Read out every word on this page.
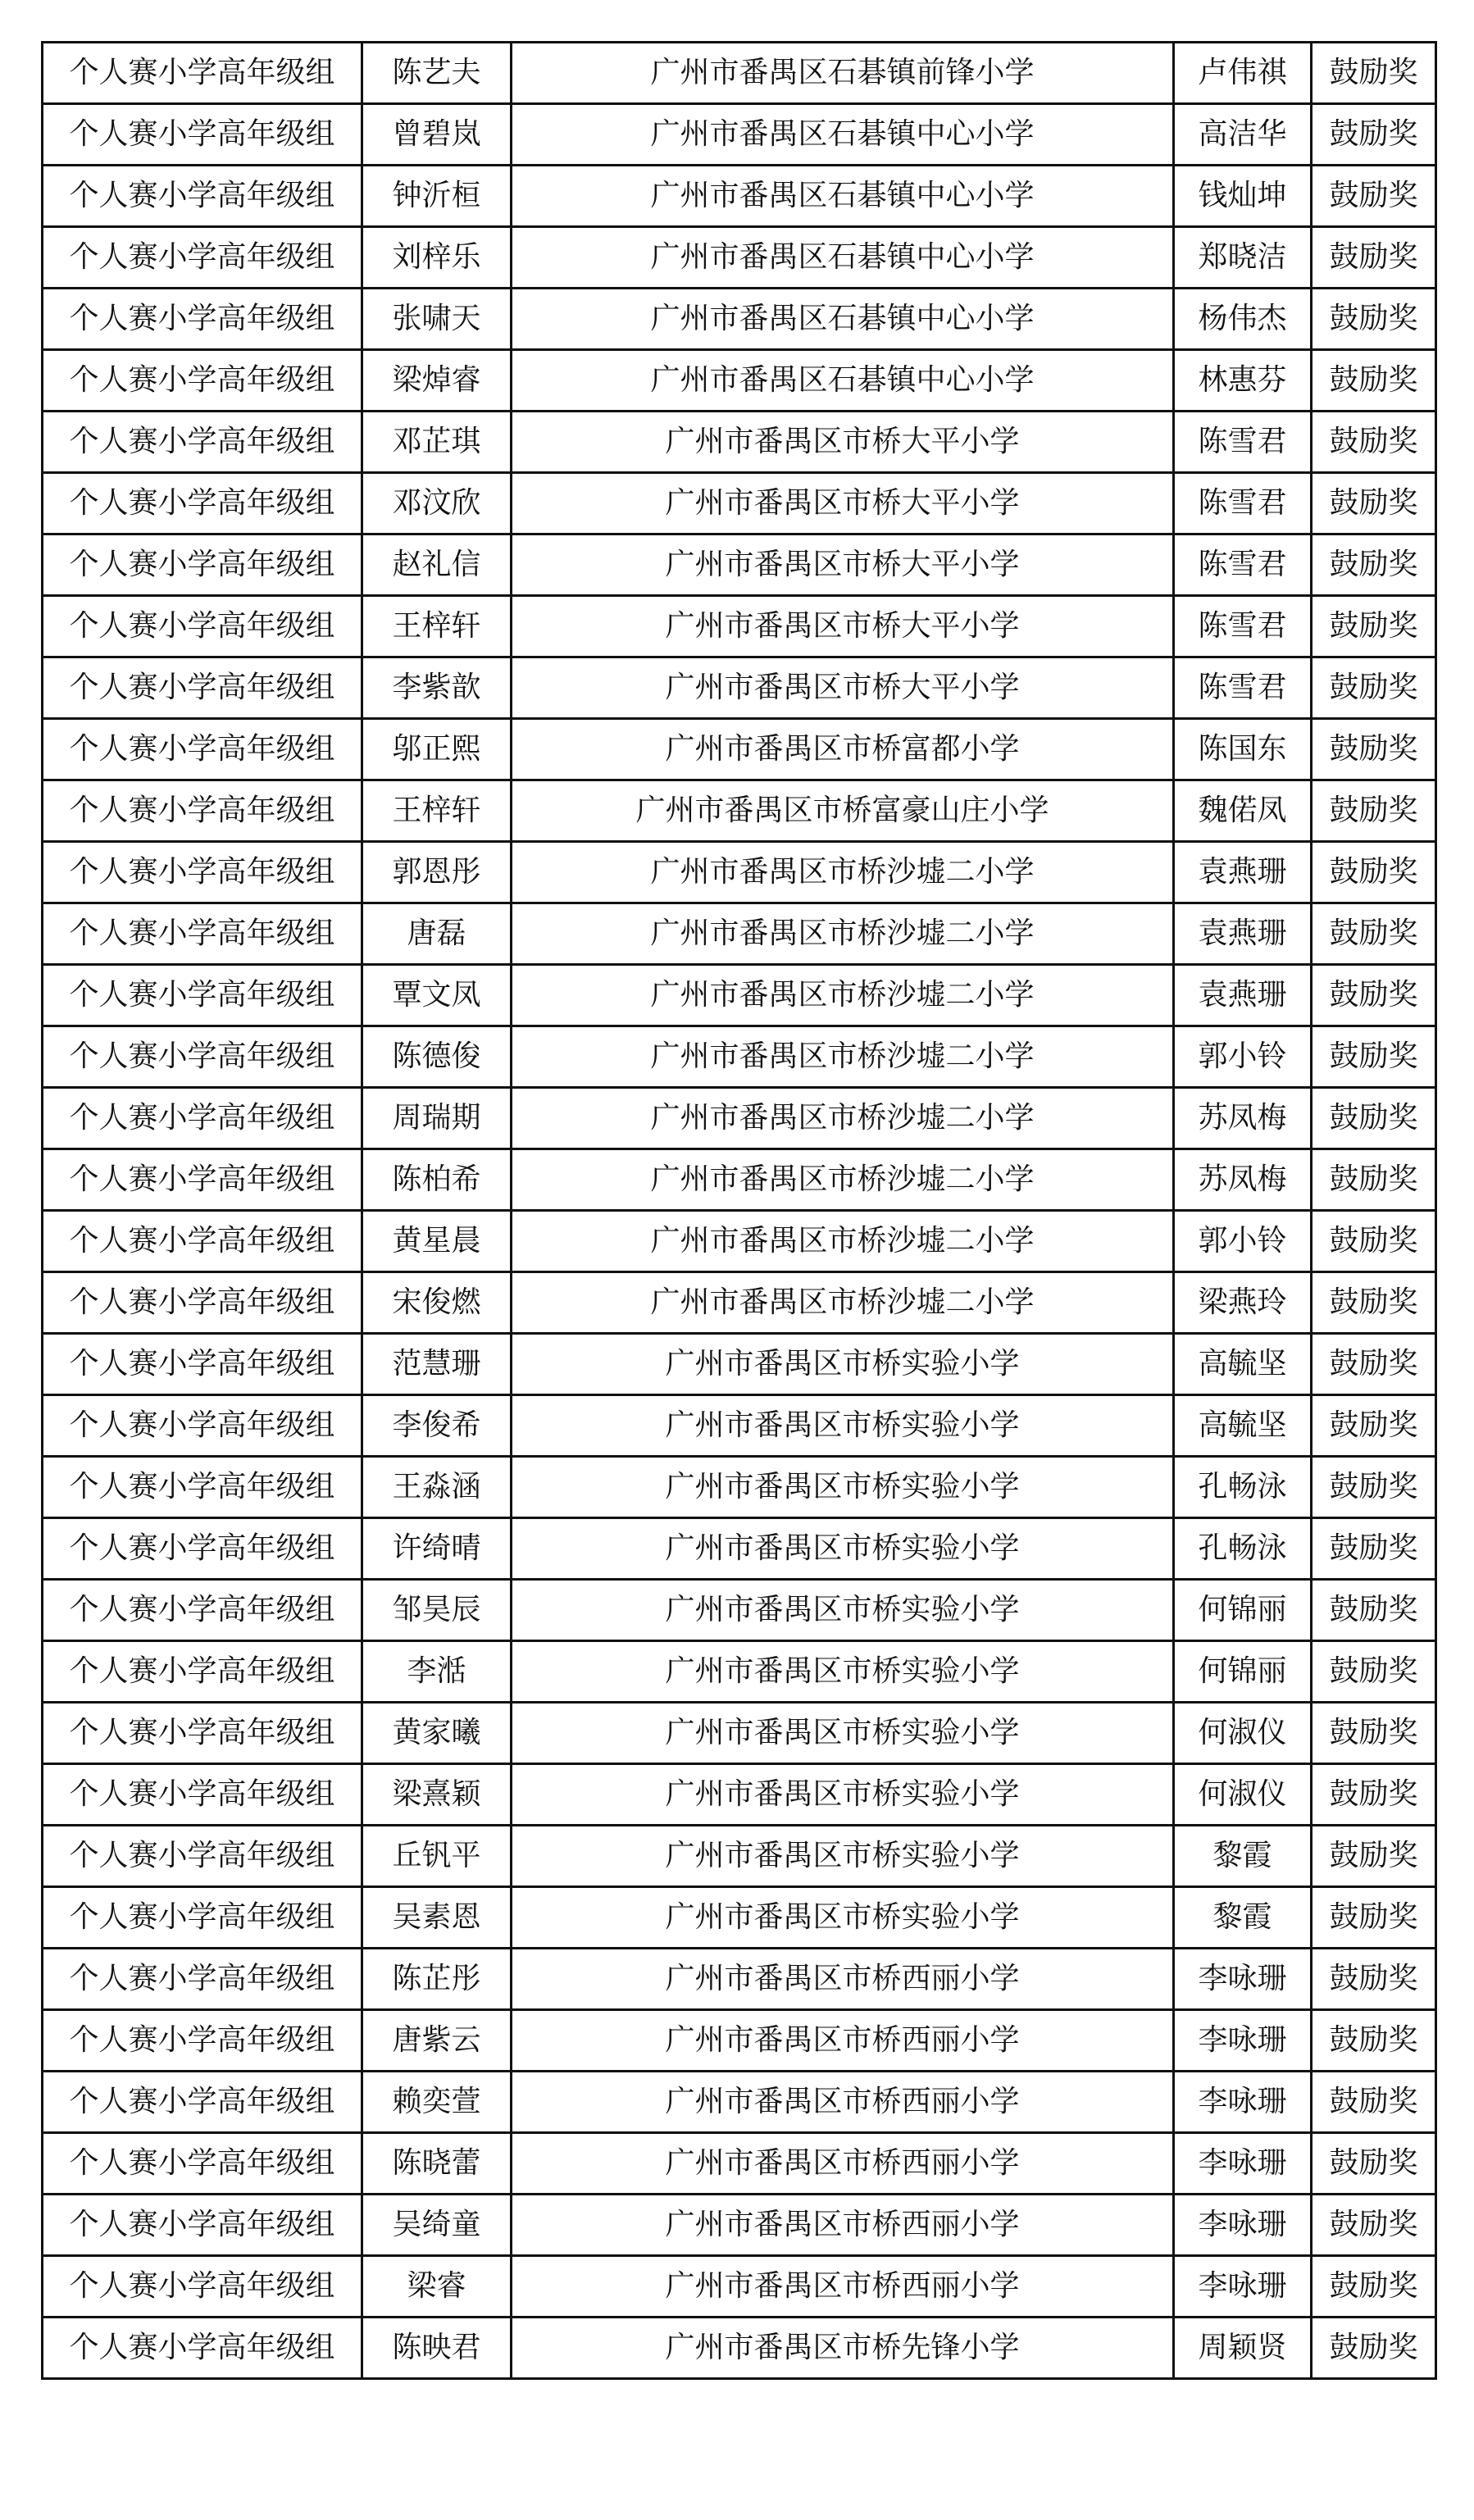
个人赛小学高年级组	陈艺夫	广州市番禺区石碁镇前锋小学	卢伟祺	鼓励奖
个人赛小学高年级组	曾碧岚	广州市番禺区石碁镇中心小学	高洁华	鼓励奖
个人赛小学高年级组	钟沂桓	广州市番禺区石碁镇中心小学	钱灿坤	鼓励奖
个人赛小学高年级组	刘梓乐	广州市番禺区石碁镇中心小学	郑晓洁	鼓励奖
个人赛小学高年级组	张啸天	广州市番禺区石碁镇中心小学	杨伟杰	鼓励奖
个人赛小学高年级组	梁焯睿	广州市番禺区石碁镇中心小学	林惠芬	鼓励奖
个人赛小学高年级组	邓芷琪	广州市番禺区市桥大平小学	陈雪君	鼓励奖
个人赛小学高年级组	邓汶欣	广州市番禺区市桥大平小学	陈雪君	鼓励奖
个人赛小学高年级组	赵礼信	广州市番禺区市桥大平小学	陈雪君	鼓励奖
个人赛小学高年级组	王梓轩	广州市番禺区市桥大平小学	陈雪君	鼓励奖
个人赛小学高年级组	李紫歆	广州市番禺区市桥大平小学	陈雪君	鼓励奖
个人赛小学高年级组	邬正熙	广州市番禺区市桥富都小学	陈国东	鼓励奖
个人赛小学高年级组	王梓轩	广州市番禺区市桥富豪山庄小学	魏偌凤	鼓励奖
个人赛小学高年级组	郭恩彤	广州市番禺区市桥沙墟二小学	袁燕珊	鼓励奖
个人赛小学高年级组	唐磊	广州市番禺区市桥沙墟二小学	袁燕珊	鼓励奖
个人赛小学高年级组	覃文凤	广州市番禺区市桥沙墟二小学	袁燕珊	鼓励奖
个人赛小学高年级组	陈德俊	广州市番禺区市桥沙墟二小学	郭小铃	鼓励奖
个人赛小学高年级组	周瑞期	广州市番禺区市桥沙墟二小学	苏凤梅	鼓励奖
个人赛小学高年级组	陈柏希	广州市番禺区市桥沙墟二小学	苏凤梅	鼓励奖
个人赛小学高年级组	黄星晨	广州市番禺区市桥沙墟二小学	郭小铃	鼓励奖
个人赛小学高年级组	宋俊燃	广州市番禺区市桥沙墟二小学	梁燕玲	鼓励奖
个人赛小学高年级组	范慧珊	广州市番禺区市桥实验小学	高毓坚	鼓励奖
个人赛小学高年级组	李俊希	广州市番禺区市桥实验小学	高毓坚	鼓励奖
个人赛小学高年级组	王淼涵	广州市番禺区市桥实验小学	孔畅泳	鼓励奖
个人赛小学高年级组	许绮晴	广州市番禺区市桥实验小学	孔畅泳	鼓励奖
个人赛小学高年级组	邹昊辰	广州市番禺区市桥实验小学	何锦丽	鼓励奖
个人赛小学高年级组	李湉	广州市番禺区市桥实验小学	何锦丽	鼓励奖
个人赛小学高年级组	黄家曦	广州市番禺区市桥实验小学	何淑仪	鼓励奖
个人赛小学高年级组	梁熹颖	广州市番禺区市桥实验小学	何淑仪	鼓励奖
个人赛小学高年级组	丘钒平	广州市番禺区市桥实验小学	黎霞	鼓励奖
个人赛小学高年级组	吴素恩	广州市番禺区市桥实验小学	黎霞	鼓励奖
个人赛小学高年级组	陈芷彤	广州市番禺区市桥西丽小学	李咏珊	鼓励奖
个人赛小学高年级组	唐紫云	广州市番禺区市桥西丽小学	李咏珊	鼓励奖
个人赛小学高年级组	赖奕萱	广州市番禺区市桥西丽小学	李咏珊	鼓励奖
个人赛小学高年级组	陈晓蕾	广州市番禺区市桥西丽小学	李咏珊	鼓励奖
个人赛小学高年级组	吴绮童	广州市番禺区市桥西丽小学	李咏珊	鼓励奖
个人赛小学高年级组	梁睿	广州市番禺区市桥西丽小学	李咏珊	鼓励奖
个人赛小学高年级组	陈映君	广州市番禺区市桥先锋小学	周颖贤	鼓励奖
